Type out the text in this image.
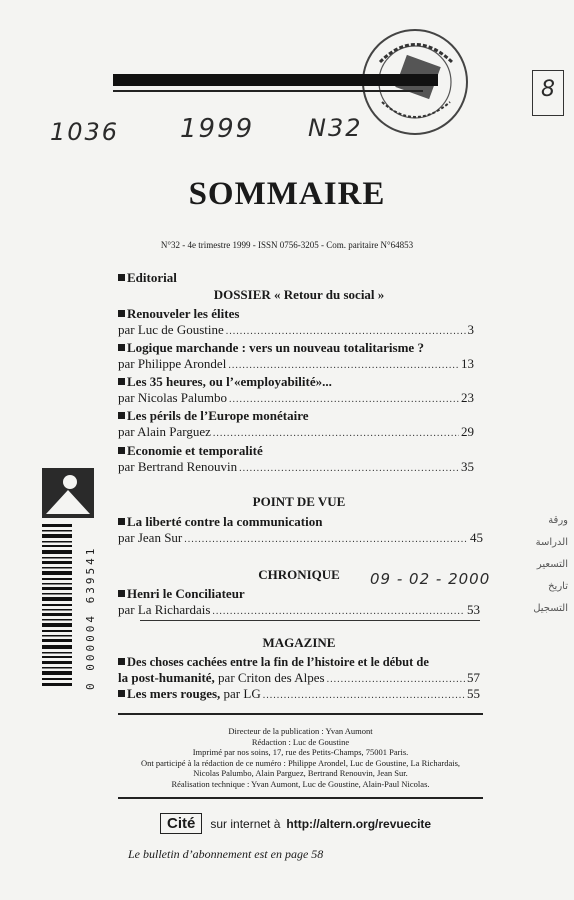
1036 1999 N32
8
SOMMAIRE
N°32 - 4e trimestre 1999 - ISSN 0756-3205 - Com. paritaire N°64853
Editorial
DOSSIER « Retour du social »
Renouveler les élites
par Luc de Goustine .....	3
Logique marchande : vers un nouveau totalitarisme ?
par Philippe Arondel .....	13
Les 35 heures, ou l’«employabilité»...
par Nicolas Palumbo .....	23
Les périls de l’Europe monétaire
par Alain Parguez .....	29
Economie et temporalité
par Bertrand Renouvin .....	35
POINT DE VUE
La liberté contre la communication
par Jean Sur .....	45
CHRONIQUE	09 - 02 - 2000
Henri le Conciliateur
par La Richardais .....	53
MAGAZINE
Des choses cachées entre la fin de l’histoire et le début de
la post-humanité,
par Criton des Alpes .....	57
Les mers rouges,
par LG .....	55
Directeur de la publication : Yvan Aumont
Rédaction : Luc de Goustine
Imprimé par nos soins, 17, rue des Petits-Champs, 75001 Paris.
Ont participé à la rédaction de ce numéro : Philippe Arondel, Luc de Goustine, La Richardais,
Nicolas Palumbo, Alain Parguez, Bertrand Renouvin, Jean Sur.
Réalisation technique : Yvan Aumont, Luc de Goustine, Alain-Paul Nicolas.
Cité	sur internet à http://altern.org/revuecite
Le bulletin d’abonnement est en page 58
0 000004 639541
ورقة
الدراسة
التسعير
تاريخ
التسجيل
